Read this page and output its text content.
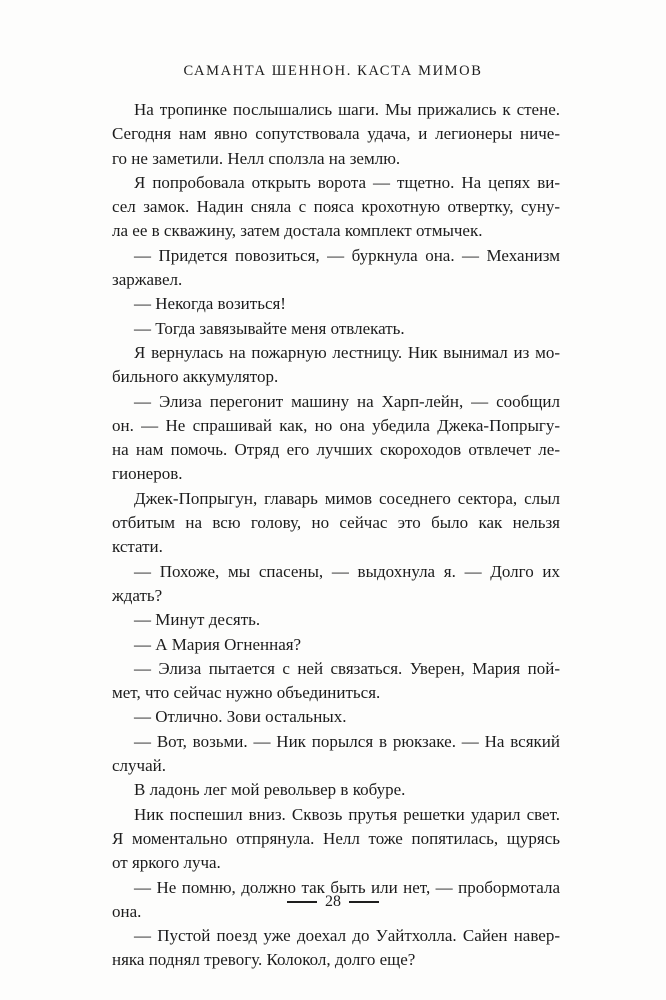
САМАНТА ШЕННОН. КАСТА МИМОВ
На тропинке послышались шаги. Мы прижались к стене.
Сегодня нам явно сопутствовала удача, и легионеры ниче-
го не заметили. Нелл сползла на землю.
Я попробовала открыть ворота — тщетно. На цепях ви-
сел замок. Надин сняла с пояса крохотную отвертку, суну-
ла ее в скважину, затем достала комплект отмычек.
— Придется повозиться, — буркнула она. — Механизм
заржавел.
— Некогда возиться!
— Тогда завязывайте меня отвлекать.
Я вернулась на пожарную лестницу. Ник вынимал из мо-
бильного аккумулятор.
— Элиза перегонит машину на Харп-лейн, — сообщил
он. — Не спрашивай как, но она убедила Джека-Попрыгу-
на нам помочь. Отряд его лучших скороходов отвлечет ле-
гионеров.
Джек-Попрыгун, главарь мимов соседнего сектора, слыл
отбитым на всю голову, но сейчас это было как нельзя
кстати.
— Похоже, мы спасены, — выдохнула я. — Долго их
ждать?
— Минут десять.
— А Мария Огненная?
— Элиза пытается с ней связаться. Уверен, Мария пой-
мет, что сейчас нужно объединиться.
— Отлично. Зови остальных.
— Вот, возьми. — Ник порылся в рюкзаке. — На всякий
случай.
В ладонь лег мой револьвер в кобуре.
Ник поспешил вниз. Сквозь прутья решетки ударил свет.
Я моментально отпрянула. Нелл тоже попятилась, щурясь
от яркого луча.
— Не помню, должно так быть или нет, — пробормотала
она.
— Пустой поезд уже доехал до Уайтхолла. Сайен навер-
няка поднял тревогу. Колокол, долго еще?
28
